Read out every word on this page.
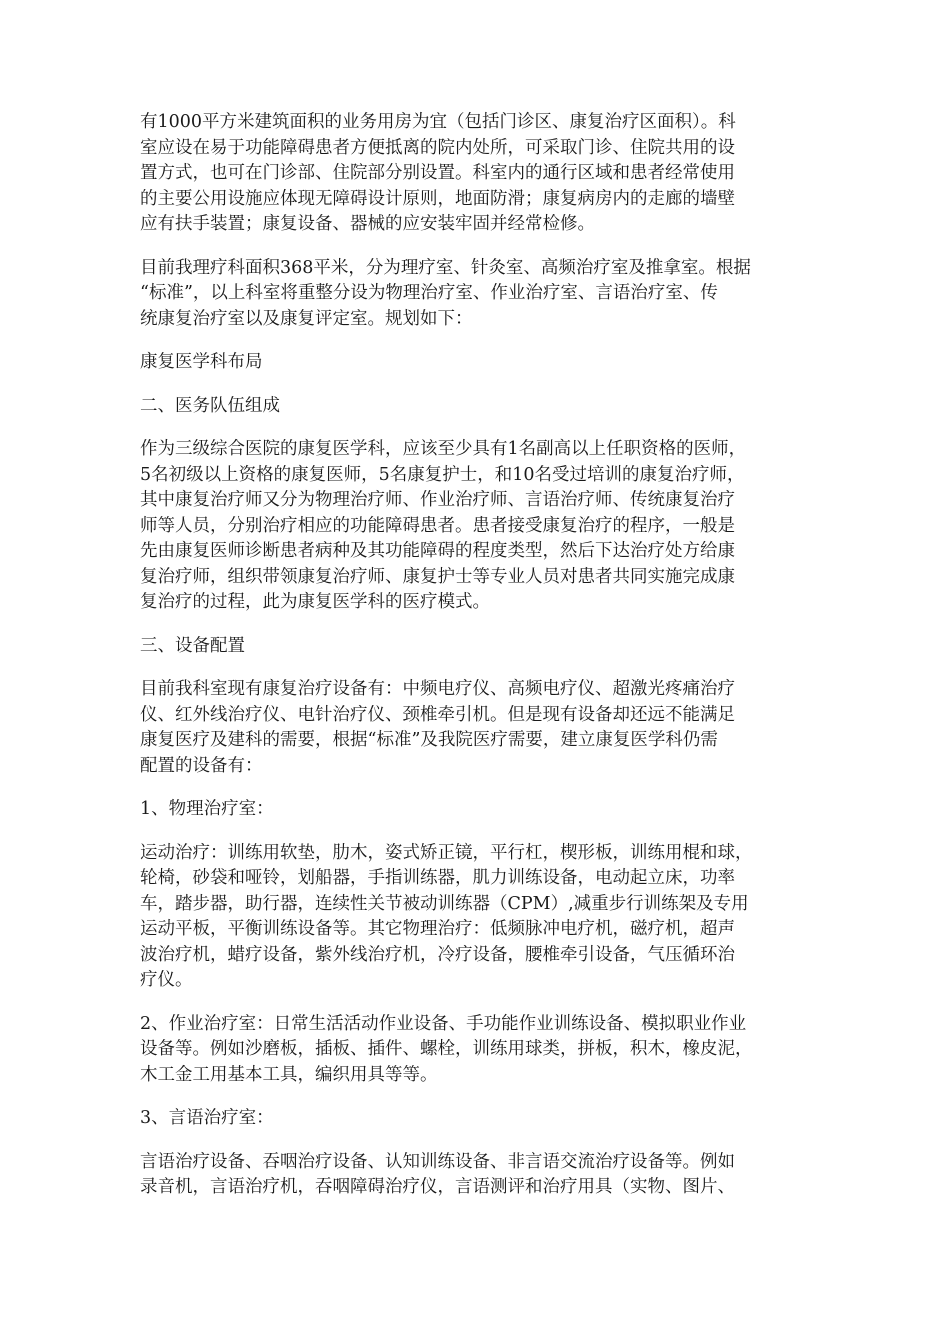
有1000平方米建筑面积的业务用房为宜（包括门诊区、康复治疗区面积）。科
室应设在易于功能障碍患者方便抵离的院内处所，可采取门诊、住院共用的设
置方式，也可在门诊部、住院部分别设置。科室内的通行区域和患者经常使用
的主要公用设施应体现无障碍设计原则，地面防滑；康复病房内的走廊的墙壁
应有扶手装置；康复设备、器械的应安装牢固并经常检修。

目前我理疗科面积368平米，分为理疗室、针灸室、高频治疗室及推拿室。根据
“标准”，以上科室将重整分设为物理治疗室、作业治疗室、言语治疗室、传
统康复治疗室以及康复评定室。规划如下：

康复医学科布局

二、医务队伍组成

作为三级综合医院的康复医学科，应该至少具有1名副高以上任职资格的医师，
5名初级以上资格的康复医师，5名康复护士，和10名受过培训的康复治疗师，
其中康复治疗师又分为物理治疗师、作业治疗师、言语治疗师、传统康复治疗
师等人员，分别治疗相应的功能障碍患者。患者接受康复治疗的程序，一般是
先由康复医师诊断患者病种及其功能障碍的程度类型，然后下达治疗处方给康
复治疗师，组织带领康复治疗师、康复护士等专业人员对患者共同实施完成康
复治疗的过程，此为康复医学科的医疗模式。

三、设备配置

目前我科室现有康复治疗设备有：中频电疗仪、高频电疗仪、超激光疼痛治疗
仪、红外线治疗仪、电针治疗仪、颈椎牵引机。但是现有设备却还远不能满足
康复医疗及建科的需要，根据“标准”及我院医疗需要，建立康复医学科仍需
配置的设备有：

1、物理治疗室：

运动治疗：训练用软垫，肋木，姿式矫正镜，平行杠，楔形板，训练用棍和球，
轮椅，砂袋和哑铃，划船器，手指训练器，肌力训练设备，电动起立床，功率
车，踏步器，助行器，连续性关节被动训练器（CPM）,减重步行训练架及专用
运动平板，平衡训练设备等。其它物理治疗：低频脉冲电疗机，磁疗机，超声
波治疗机，蜡疗设备，紫外线治疗机，冷疗设备，腰椎牵引设备，气压循环治
疗仪。

2、作业治疗室：日常生活活动作业设备、手功能作业训练设备、模拟职业作业
设备等。例如沙磨板，插板、插件、螺栓，训练用球类，拼板，积木，橡皮泥，
木工金工用基本工具，编织用具等等。

3、言语治疗室：

言语治疗设备、吞咽治疗设备、认知训练设备、非言语交流治疗设备等。例如
录音机，言语治疗机，吞咽障碍治疗仪，言语测评和治疗用具（实物、图片、
